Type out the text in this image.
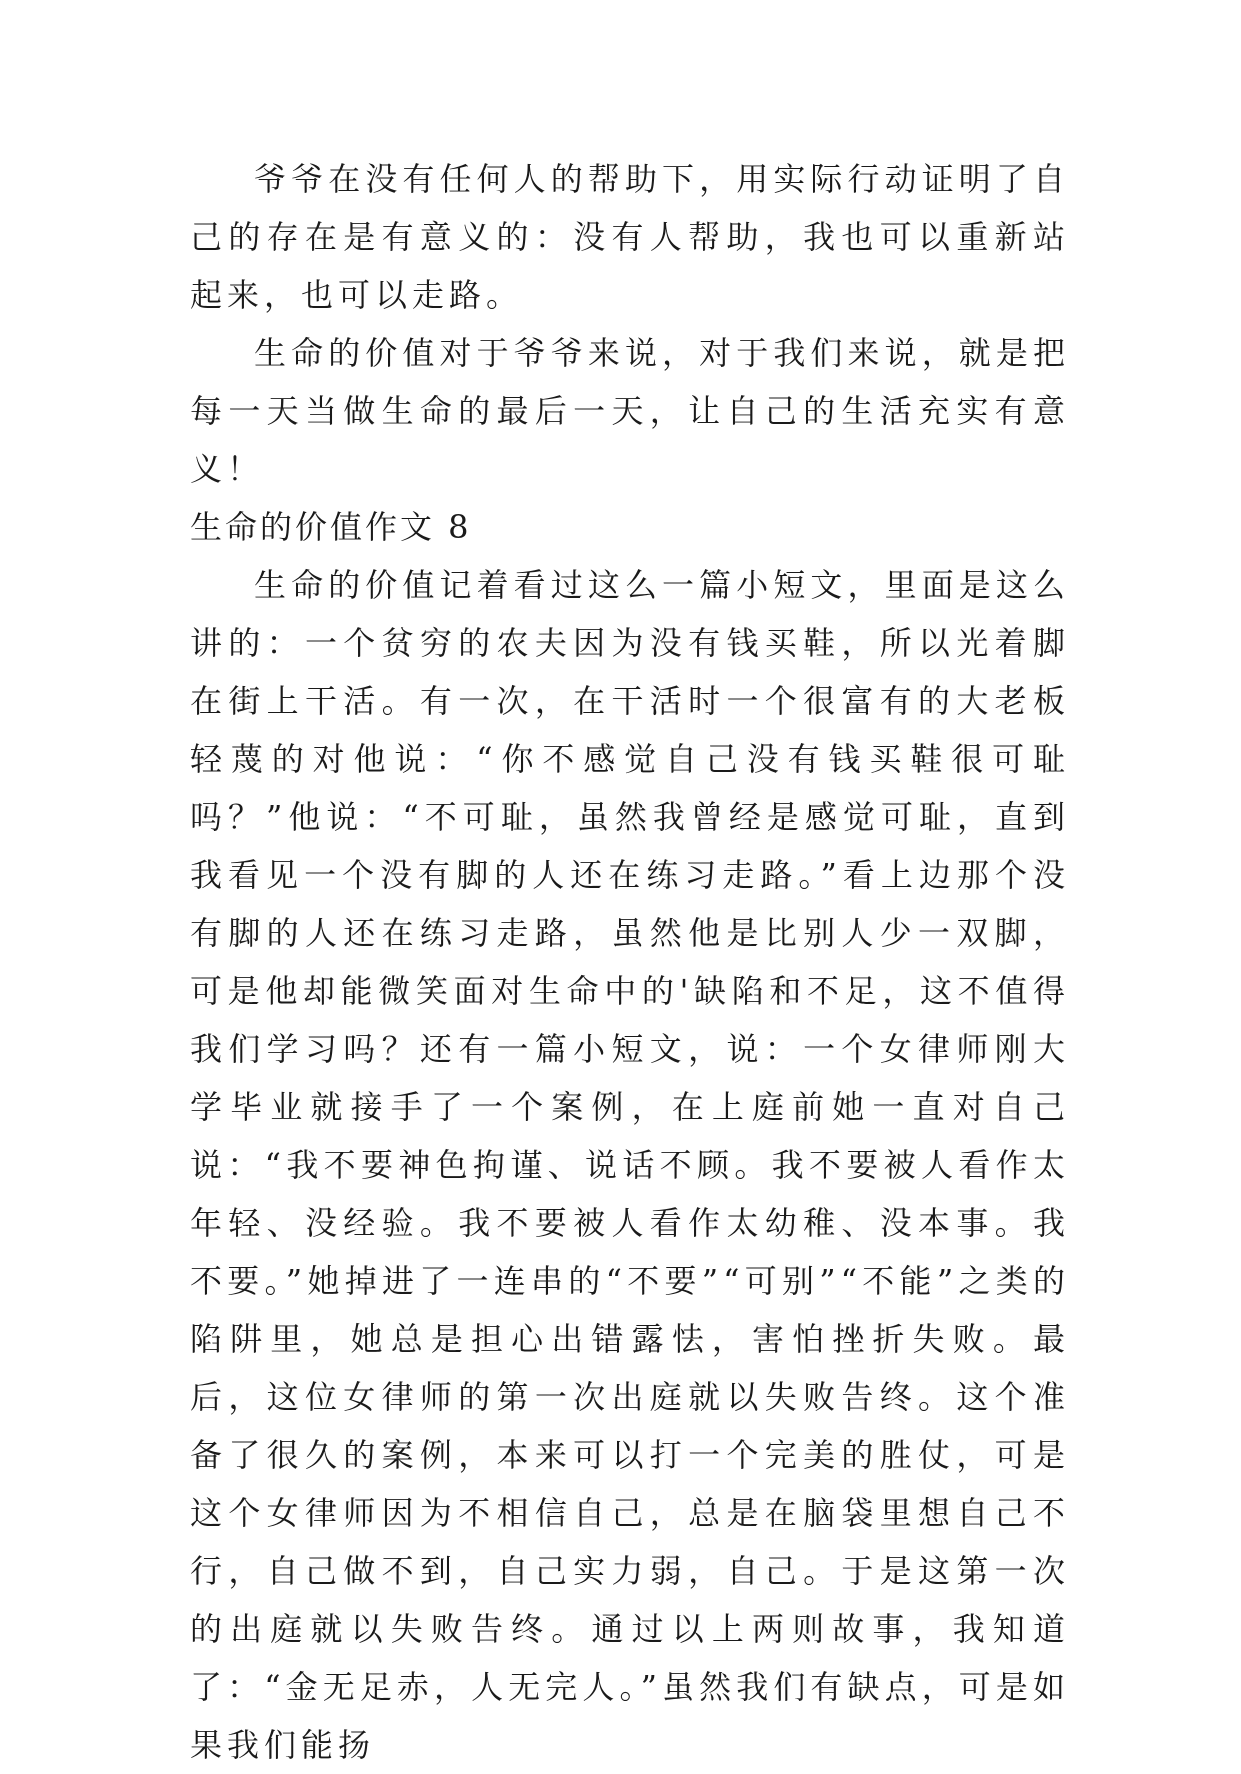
爷爷在没有任何人的帮助下，用实际行动证明了自己的存在是有意义的：没有人帮助，我也可以重新站起来，也可以走路。

生命的价值对于爷爷来说，对于我们来说，就是把每一天当做生命的最后一天，让自己的生活充实有意义！

生命的价值作文 8

生命的价值记着看过这么一篇小短文，里面是这么讲的：一个贫穷的农夫因为没有钱买鞋，所以光着脚在街上干活。有一次，在干活时一个很富有的大老板轻蔑的对他说：“你不感觉自己没有钱买鞋很可耻吗？”他说：“不可耻，虽然我曾经是感觉可耻，直到我看见一个没有脚的人还在练习走路。”看上边那个没有脚的人还在练习走路，虽然他是比别人少一双脚，可是他却能微笑面对生命中的'缺陷和不足，这不值得我们学习吗？还有一篇小短文，说：一个女律师刚大学毕业就接手了一个案例，在上庭前她一直对自己说：“我不要神色拘谨、说话不顾。我不要被人看作太年轻、没经验。我不要被人看作太幼稚、没本事。我不要。”她掉进了一连串的“不要”“可别”“不能”之类的陷阱里，她总是担心出错露怯，害怕挫折失败。最后，这位女律师的第一次出庭就以失败告终。这个准备了很久的案例，本来可以打一个完美的胜仗，可是这个女律师因为不相信自己，总是在脑袋里想自己不行，自己做不到，自己实力弱，自己。于是这第一次的出庭就以失败告终。通过以上两则故事，我知道了：“金无足赤，人无完人。”虽然我们有缺点，可是如果我们能扬
